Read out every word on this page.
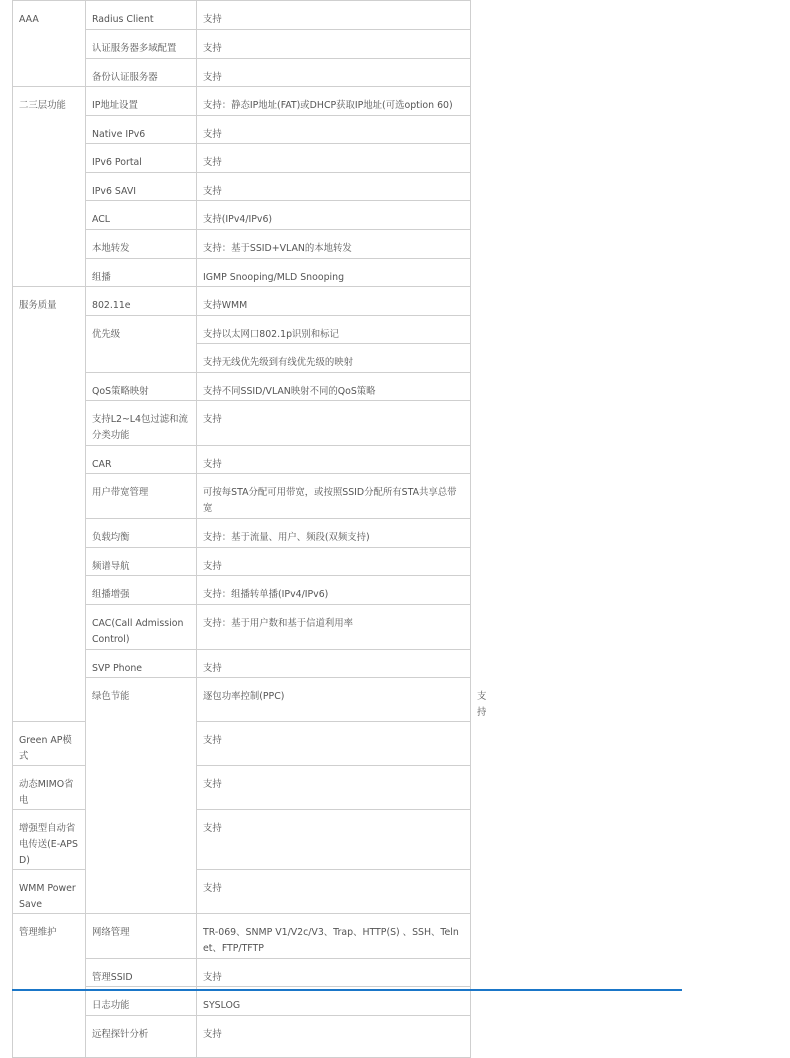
AAA	Radius Client	支持	
	认证服务器多域配置	支持	
	备份认证服务器	支持	
二三层功能	IP地址设置	支持：静态IP地址(FAT)或DHCP获取IP地址(可选option 60)	
	Native IPv6	支持	
	IPv6 Portal	支持	
	IPv6 SAVI	支持	
	ACL	支持(IPv4/IPv6)	
	本地转发	支持：基于SSID+VLAN的本地转发	
	组播	IGMP Snooping/MLD Snooping	
服务质量	802.11e	支持WMM	
	优先级	支持以太网口802.1p识别和标记	
		支持无线优先级到有线优先级的映射	
	QoS策略映射	支持不同SSID/VLAN映射不同的QoS策略	
	支持L2~L4包过滤和流分类功能	支持	
	CAR	支持	
	用户带宽管理	可按每STA分配可用带宽，或按照SSID分配所有STA共享总带宽	
	负载均衡	支持：基于流量、用户、频段(双频支持)	
	频谱导航	支持	
	组播增强	支持：组播转单播(IPv4/IPv6)	
	CAC(Call Admission Control)	支持：基于用户数和基于信道利用率	
	SVP Phone	支持	
	绿色节能	逐包功率控制(PPC)	支持
Green AP模式		支持	
动态MIMO省电		支持	
增强型自动省电传送(E-APSD)		支持	
WMM Power Save		支持	
管理维护	网络管理	TR-069、SNMP V1/V2c/V3、Trap、HTTP(S) 、SSH、Telnet、FTP/TFTP	
	管理SSID	支持	
	日志功能	SYSLOG	
	远程探针分析	支持	
